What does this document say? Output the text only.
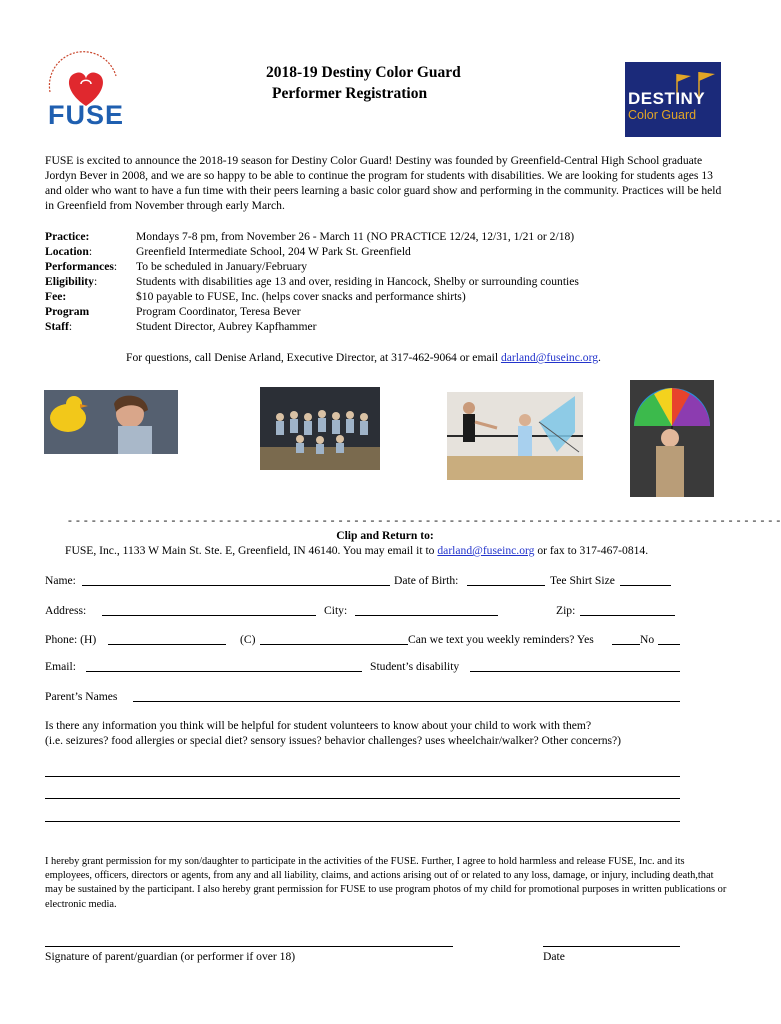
FUSE
2018-19 Destiny Color Guard
Performer Registration	DESTINY
Color Guard
FUSE is excited to announce the 2018-19 season for Destiny Color Guard! Destiny was founded by Greenfield-Central High School graduate Jordyn Bever in 2008, and we are so happy to be able to continue the program for students with disabilities. We are looking for students ages 13 and older who want to have a fun time with their peers learning a basic color guard show and performing in the community. Practices will be held in Greenfield from November through early March.
Practice:	Mondays 7-8 pm, from November 26 - March 11 (NO PRACTICE 12/24, 12/31, 1/21 or 2/18)
Location:	Greenfield Intermediate School, 204 W Park St. Greenfield
Performances:	To be scheduled in January/February
Eligibility:	Students with disabilities age 13 and over, residing in Hancock, Shelby or surrounding counties
Fee:	$10 payable to FUSE, Inc. (helps cover snacks and performance shirts)
Program	Program Coordinator, Teresa Bever
Staff:	Student Director, Aubrey Kapfhammer
For questions, call Denise Arland, Executive Director, at 317-462-9064 or email darland@fuseinc.org.
- - - - - - - - - - - - - - - - - - - - - - - - - - - - - - - - - - - - - - - - - - - - - - - - - - - - - - - - - - - - - - - - - - - - - - - - - - - - - - - - - - - - - - - - - -
Clip and Return to:
FUSE, Inc., 1133 W Main St. Ste. E, Greenfield, IN 46140. You may email it to darland@fuseinc.org or fax to 317-467-0814.
Name:	Date of Birth:	Tee Shirt Size
Address:	City:	Zip:
Phone: (H)	(C)	Can we text you weekly reminders? Yes	No
Email:	Student’s disability
Parent’s Names
Is there any information you think will be helpful for student volunteers to know about your child to work with them?
(i.e. seizures? food allergies or special diet? sensory issues? behavior challenges? uses wheelchair/walker? Other concerns?)
I hereby grant permission for my son/daughter to participate in the activities of the FUSE. Further, I agree to hold harmless and release FUSE, Inc. and its employees, officers, directors or agents, from any and all liability, claims, and actions arising out of or related to any loss, damage, or injury, including death,that may be sustained by the participant. I also hereby grant permission for FUSE to use program photos of my child for promotional purposes in written publications or electronic media.
Signature of parent/guardian (or performer if over 18)	Date
